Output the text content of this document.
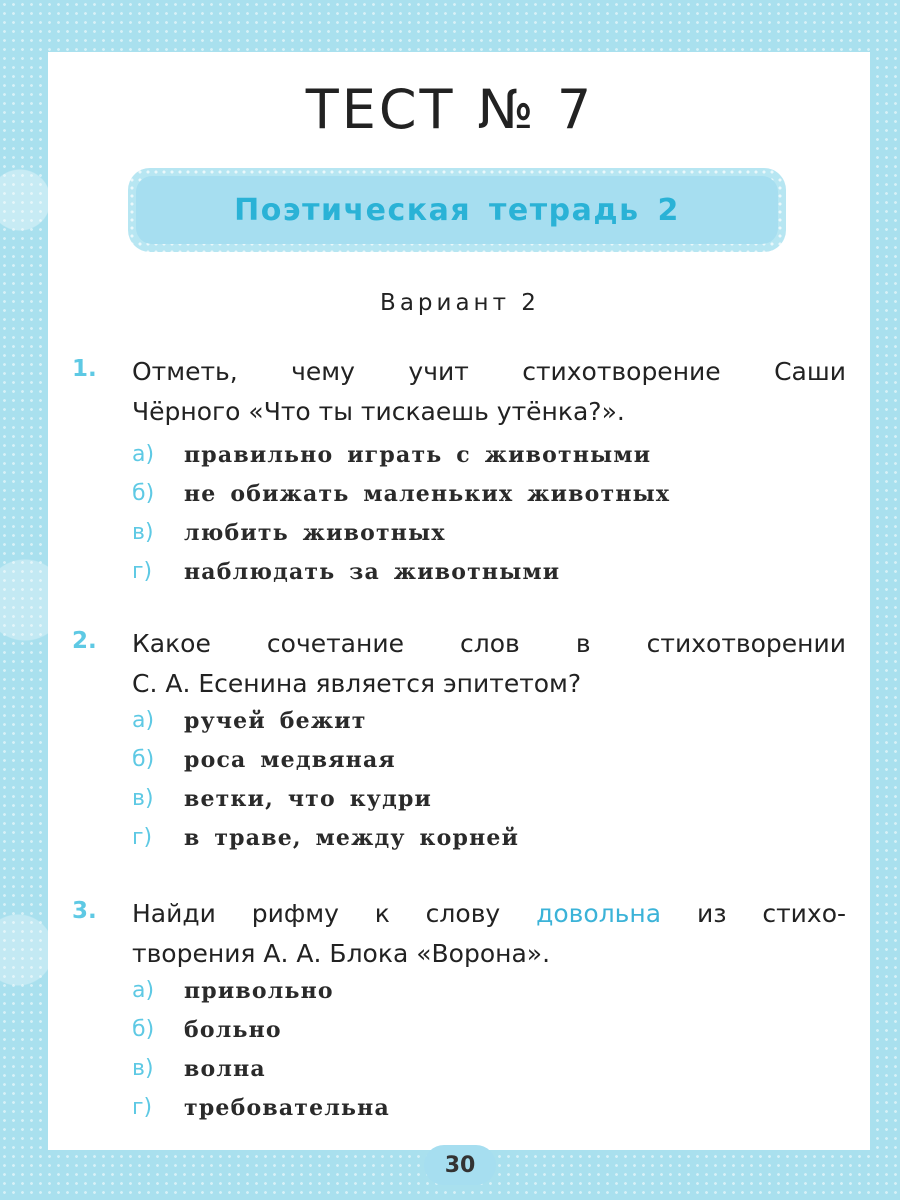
ТЕСТ № 7
Поэтическая тетрадь 2
Вариант 2
1. Отметь, чему учит стихотворение Саши
Чёрного «Что ты тискаешь утёнка?».
а) правильно играть с животными
б) не обижать маленьких животных
в) любить животных
г) наблюдать за животными
2. Какое сочетание слов в стихотворении
С. А. Есенина является эпитетом?
а) ручей бежит
б) роса медвяная
в) ветки, что кудри
г) в траве, между корней
3. Найди рифму к слову довольна из стихо-
творения А. А. Блока «Ворона».
а) привольно
б) больно
в) волна
г) требовательна
30
